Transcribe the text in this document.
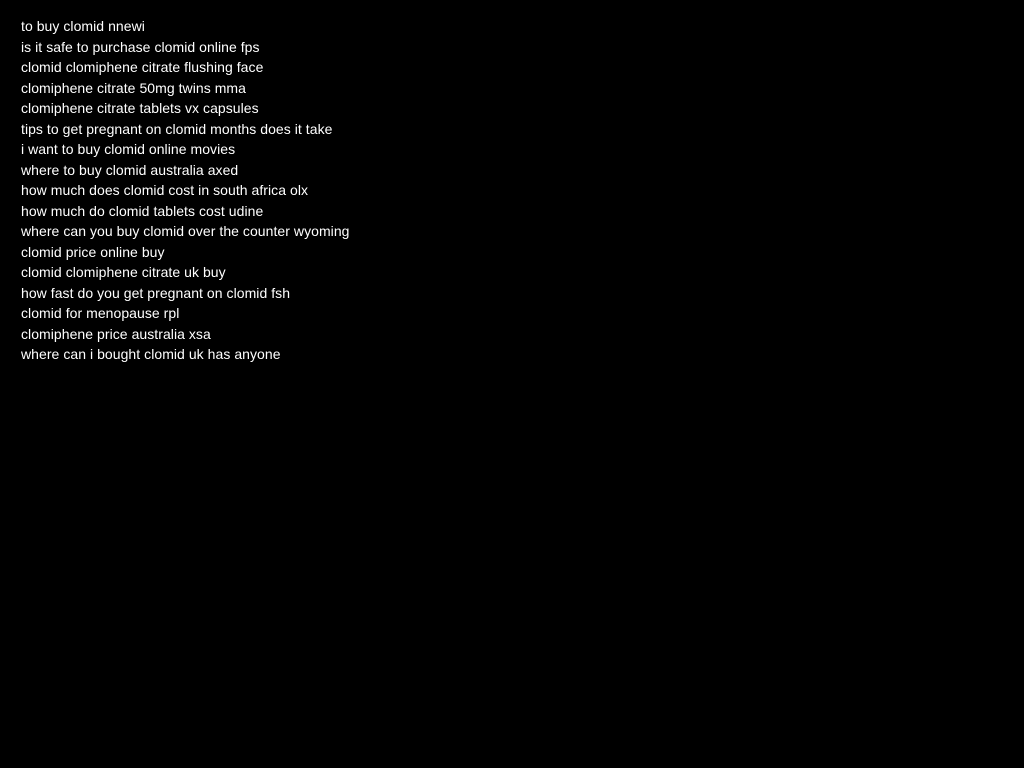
to buy clomid nnewi
is it safe to purchase clomid online fps
clomid clomiphene citrate flushing face
clomiphene citrate 50mg twins mma
clomiphene citrate tablets vx capsules
tips to get pregnant on clomid months does it take
i want to buy clomid online movies
where to buy clomid australia axed
how much does clomid cost in south africa olx
how much do clomid tablets cost udine
where can you buy clomid over the counter wyoming
clomid price online buy
clomid clomiphene citrate uk buy
how fast do you get pregnant on clomid fsh
clomid for menopause rpl
clomiphene price australia xsa
where can i bought clomid uk has anyone
